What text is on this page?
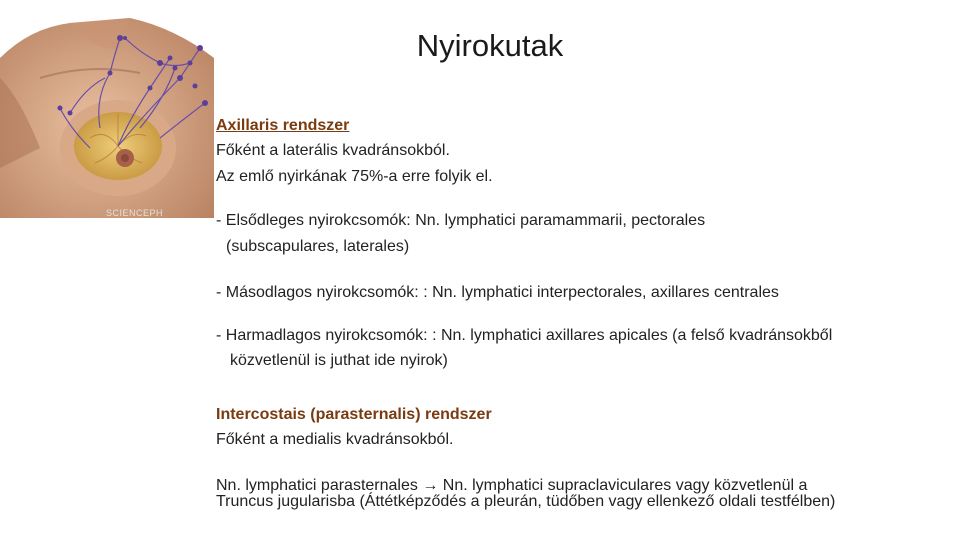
Nyirokutak
SCIENCEPH
Axillaris rendszer
Főként a laterális kvadránsokból.
Az emlő nyirkának 75%-a erre folyik el.
- Elsődleges nyirokcsomók: Nn. lymphatici paramammarii, pectorales
(subscapulares, laterales)
- Másodlagos nyirokcsomók: : Nn. lymphatici interpectorales, axillares centrales
- Harmadlagos nyirokcsomók: : Nn. lymphatici axillares apicales (a felső kvadránsokből
közvetlenül is juthat ide nyirok)
Intercostais (parasternalis) rendszer
Főként a medialis kvadránsokból.
Nn. lymphatici parasternales → Nn. lymphatici supraclaviculares vagy közvetlenül a
Truncus jugularisba (Áttétképződés a pleurán, tüdőben vagy ellenkező oldali testfélben)
